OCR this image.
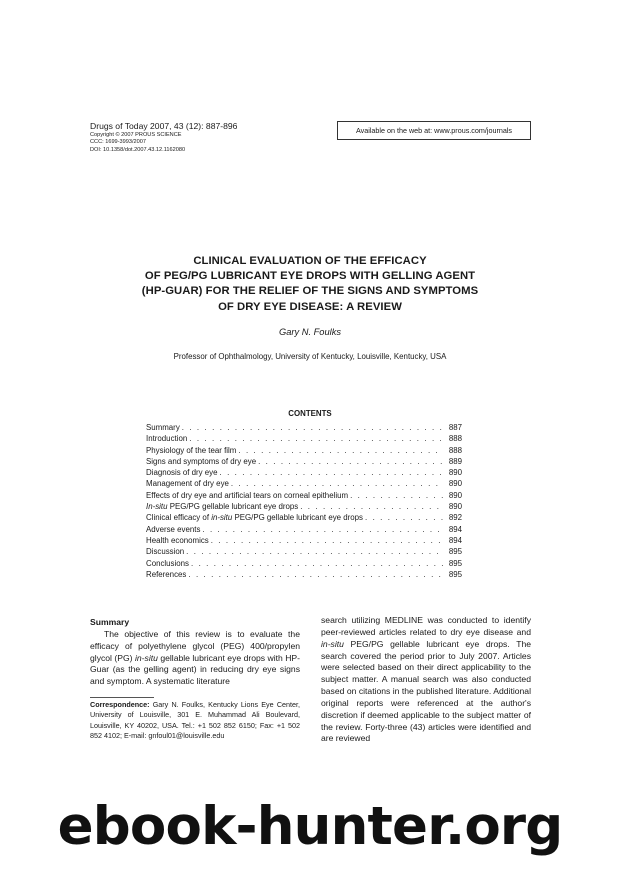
Drugs of Today 2007, 43 (12): 887-896
Copyright © 2007 PROUS SCIENCE
CCC: 1699-3993/2007
DOI: 10.1358/dot.2007.43.12.1162080
Available on the web at: www.prous.com/journals
CLINICAL EVALUATION OF THE EFFICACY
OF PEG/PG LUBRICANT EYE DROPS WITH GELLING AGENT
(HP-GUAR) FOR THE RELIEF OF THE SIGNS AND SYMPTOMS
OF DRY EYE DISEASE: A REVIEW
Gary N. Foulks
Professor of Ophthalmology, University of Kentucky, Louisville, Kentucky, USA
CONTENTS
Summary . . .	887
Introduction . . .	888
Physiology of the tear film . . .	888
Signs and symptoms of dry eye . . .	889
Diagnosis of dry eye . . .	890
Management of dry eye . . .	890
Effects of dry eye and artificial tears on corneal epithelium . . .	890
In-situ PEG/PG gellable lubricant eye drops . . .	890
Clinical efficacy of in-situ PEG/PG gellable lubricant eye drops . . .	892
Adverse events . . .	894
Health economics . . .	894
Discussion . . .	895
Conclusions . . .	895
References . . .	895
Summary
The objective of this review is to evaluate the efficacy of polyethylene glycol (PEG) 400/propylen glycol (PG) in-situ gellable lubricant eye drops with HP-Guar (as the gelling agent) in reducing dry eye signs and symptom. A systematic literature
Correspondence: Gary N. Foulks, Kentucky Lions Eye Center, University of Louisville, 301 E. Muhammad Ali Boulevard, Louisville, KY 40202, USA. Tel.: +1 502 852 6150; Fax: +1 502 852 4102; E-mail: gnfoul01@louisville.edu
search utilizing MEDLINE was conducted to identify peer-reviewed articles related to dry eye disease and in-situ PEG/PG gellable lubricant eye drops. The search covered the period prior to July 2007. Articles were selected based on their direct applicability to the subject matter. A manual search was also conducted based on citations in the published literature. Additional original reports were referenced at the author's discretion if deemed applicable to the subject matter of the review. Forty-three (43) articles were identified and are reviewed
ebook-hunter.org
